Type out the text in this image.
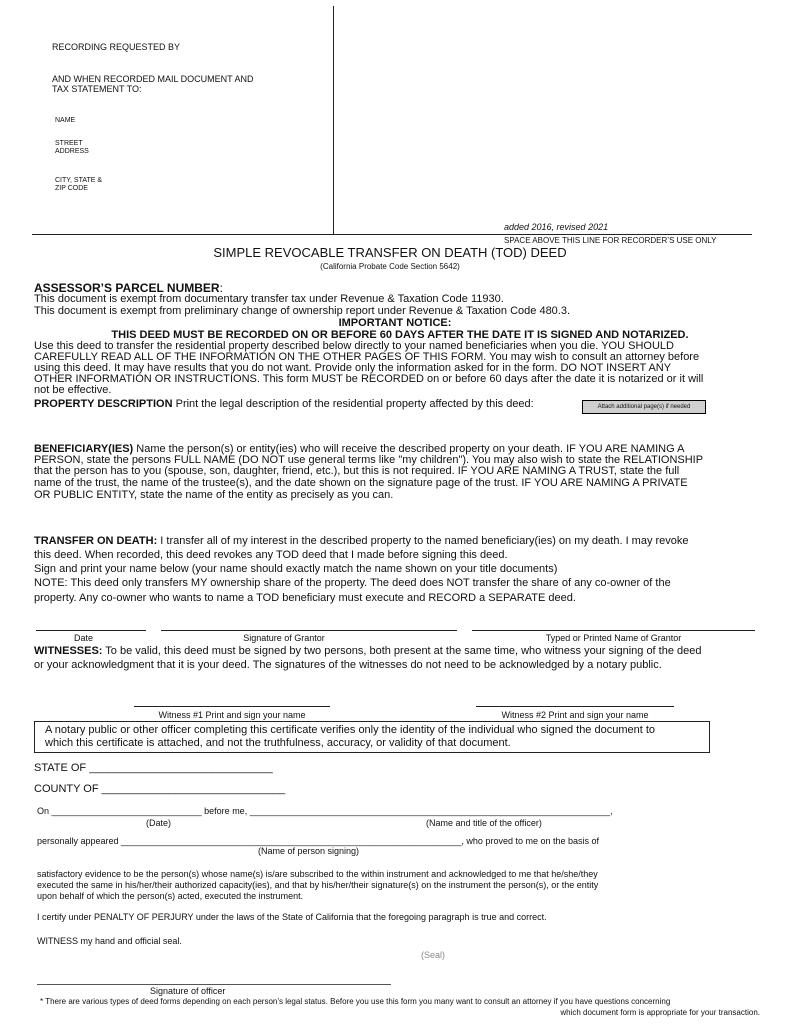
RECORDING REQUESTED BY
AND WHEN RECORDED MAIL DOCUMENT AND
TAX STATEMENT TO:
NAME
STREET
ADDRESS
CITY, STATE &
ZIP CODE
added 2016, revised 2021
SPACE ABOVE THIS LINE FOR RECORDER’S USE ONLY
SIMPLE REVOCABLE TRANSFER ON DEATH (TOD) DEED
(California Probate Code Section 5642)
ASSESSOR’S PARCEL NUMBER:
This document is exempt from documentary transfer tax under Revenue & Taxation Code 11930.
This document is exempt from preliminary change of ownership report under Revenue & Taxation Code 480.3.
IMPORTANT NOTICE:
THIS DEED MUST BE RECORDED ON OR BEFORE 60 DAYS AFTER THE DATE IT IS SIGNED AND NOTARIZED.
Use this deed to transfer the residential property described below directly to your named beneficiaries when you die. YOU SHOULD
CAREFULLY READ ALL OF THE INFORMATION ON THE OTHER PAGES OF THIS FORM. You may wish to consult an attorney before
using this deed. It may have results that you do not want. Provide only the information asked for in the form. DO NOT INSERT ANY
OTHER INFORMATION OR INSTRUCTIONS. This form MUST be RECORDED on or before 60 days after the date it is notarized or it will
not be effective.
PROPERTY DESCRIPTION Print the legal description of the residential property affected by this deed:	Attach additional page(s) if needed
BENEFICIARY(IES) Name the person(s) or entity(ies) who will receive the described property on your death. IF YOU ARE NAMING A
PERSON, state the persons FULL NAME (DO NOT use general terms like "my children"). You may also wish to state the RELATIONSHIP
that the person has to you (spouse, son, daughter, friend, etc.), but this is not required. IF YOU ARE NAMING A TRUST, state the full
name of the trust, the name of the trustee(s), and the date shown on the signature page of the trust. IF YOU ARE NAMING A PRIVATE
OR PUBLIC ENTITY, state the name of the entity as precisely as you can.
TRANSFER ON DEATH: I transfer all of my interest in the described property to the named beneficiary(ies) on my death. I may revoke
this deed. When recorded, this deed revokes any TOD deed that I made before signing this deed.
Sign and print your name below (your name should exactly match the name shown on your title documents)
NOTE: This deed only transfers MY ownership share of the property. The deed does NOT transfer the share of any co-owner of the
property. Any co-owner who wants to name a TOD beneficiary must execute and RECORD a SEPARATE deed.
Date	Signature of Grantor	Typed or Printed Name of Grantor
WITNESSES: To be valid, this deed must be signed by two persons, both present at the same time, who witness your signing of the deed
or your acknowledgment that it is your deed. The signatures of the witnesses do not need to be acknowledged by a notary public.
Witness #1 Print and sign your name	Witness #2 Print and sign your name
A notary public or other officer completing this certificate verifies only the identity of the individual who signed the document to
which this certificate is attached, and not the truthfulness, accuracy, or validity of that document.
STATE OF ______________________________
COUNTY OF ______________________________
On ______________________________ before me, ________________________________________________________________________,
(Date)	(Name and title of the officer)
personally appeared ____________________________________________________________________, who proved to me on the basis of
(Name of person signing)
satisfactory evidence to be the person(s) whose name(s) is/are subscribed to the within instrument and acknowledged to me that he/she/they
executed the same in his/her/their authorized capacity(ies), and that by his/her/their signature(s) on the instrument the person(s), or the entity
upon behalf of which the person(s) acted, executed the instrument.
I certify under PENALTY OF PERJURY under the laws of the State of California that the foregoing paragraph is true and correct.
WITNESS my hand and official seal.
(Seal)
Signature of officer
* There are various types of deed forms depending on each person’s legal status. Before you use this form you many want to consult an attorney if you have questions concerning
which document form is appropriate for your transaction.
